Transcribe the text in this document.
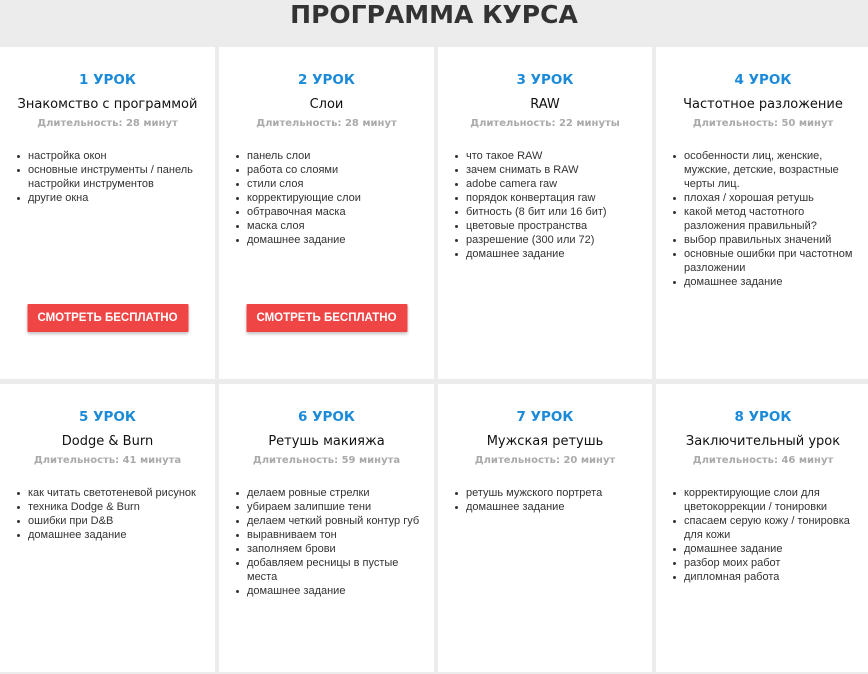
ПРОГРАММА КУРСА
1 УРОК
Знакомство с программой
Длительность: 28 минут
настройка окон
основные инструменты / панель настройки инструментов
другие окна
СМОТРЕТЬ БЕСПЛАТНО
2 УРОК
Слои
Длительность: 28 минут
панель слои
работа со слоями
стили слоя
корректирующие слои
обтравочная маска
маска слоя
домашнее задание
СМОТРЕТЬ БЕСПЛАТНО
3 УРОК
RAW
Длительность: 22 минуты
что такое RAW
зачем снимать в RAW
adobe camera raw
порядок конвертация raw
битность (8 бит или 16 бит)
цветовые пространства
разрешение (300 или 72)
домашнее задание
4 УРОК
Частотное разложение
Длительность: 50 минут
особенности лиц, женские, мужские, детские, возрастные черты лиц.
плохая / хорошая ретушь
какой метод частотного разложения правильный?
выбор правильных значений
основные ошибки при частотном разложении
домашнее задание
5 УРОК
Dodge & Burn
Длительность: 41 минута
как читать светотеневой рисунок
техника Dodge & Burn
ошибки при D&B
домашнее задание
6 УРОК
Ретушь макияжа
Длительность: 59 минута
делаем ровные стрелки
убираем залипшие тени
делаем четкий ровный контур губ
выравниваем тон
заполняем брови
добавляем ресницы в пустые места
домашнее задание
7 УРОК
Мужская ретушь
Длительность: 20 минут
ретушь мужского портрета
домашнее задание
8 УРОК
Заключительный урок
Длительность: 46 минут
корректирующие слои для цветокоррекции / тонировки
спасаем серую кожу / тонировка для кожи
домашнее задание
разбор моих работ
дипломная работа
